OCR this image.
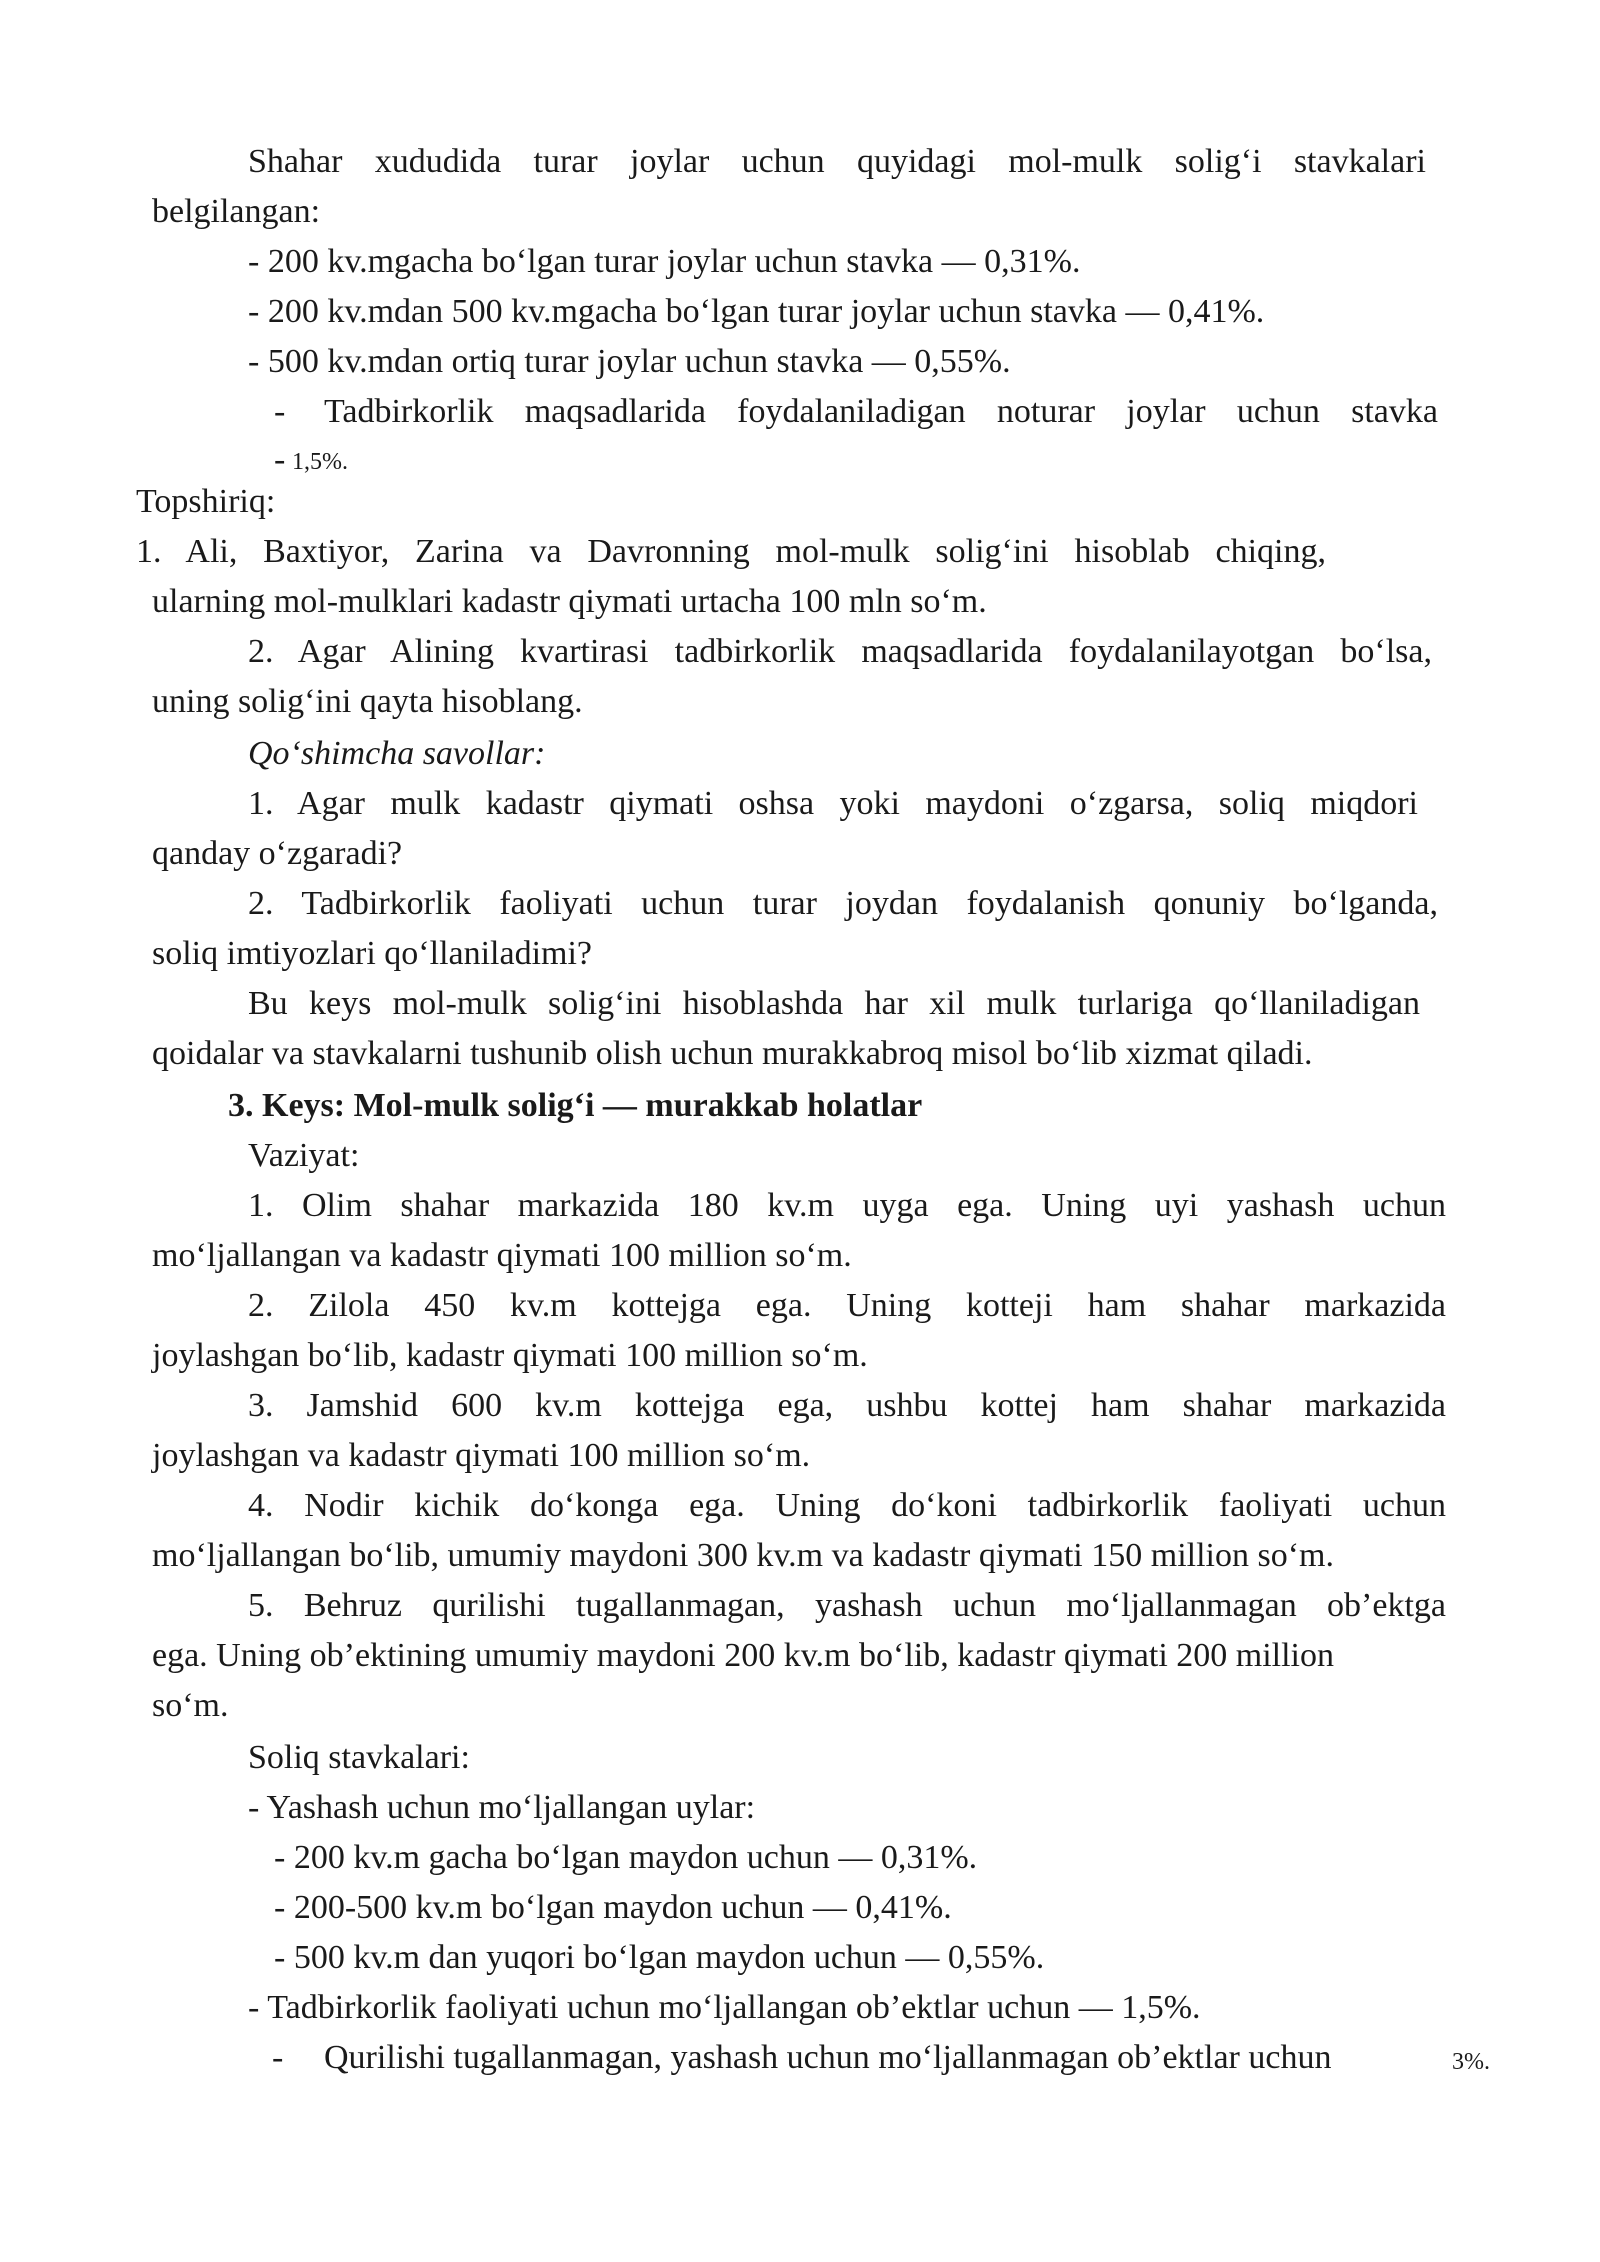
Shahar xududida turar joylar uchun quyidagi mol-mulk solig‘i stavkalari
belgilangan:
- 200 kv.mgacha bo‘lgan turar joylar uchun stavka — 0,31%.
- 200 kv.mdan 500 kv.mgacha bo‘lgan turar joylar uchun stavka — 0,41%.
- 500 kv.mdan ortiq turar joylar uchun stavka — 0,55%.
- Tadbirkorlik maqsadlarida foydalaniladigan noturar joylar uchun stavka
- 1,5%.
Topshiriq:
1. Ali, Baxtiyor, Zarina va Davronning mol-mulk solig‘ini hisoblab chiqing,
ularning mol-mulklari kadastr qiymati urtacha 100 mln so‘m.
2. Agar Alining kvartirasi tadbirkorlik maqsadlarida foydalanilayotgan bo‘lsa,
uning solig‘ini qayta hisoblang.
Qo‘shimcha savollar:
1. Agar mulk kadastr qiymati oshsa yoki maydoni o‘zgarsa, soliq miqdori
qanday o‘zgaradi?
2. Tadbirkorlik faoliyati uchun turar joydan foydalanish qonuniy bo‘lganda,
soliq imtiyozlari qo‘llaniladimi?
Bu keys mol-mulk solig‘ini hisoblashda har xil mulk turlariga qo‘llaniladigan
qoidalar va stavkalarni tushunib olish uchun murakkabroq misol bo‘lib xizmat qiladi.
3. Keys: Mol-mulk solig‘i — murakkab holatlar
Vaziyat:
1. Olim shahar markazida 180 kv.m uyga ega. Uning uyi yashash uchun
mo‘ljallangan va kadastr qiymati 100 million so‘m.
2. Zilola 450 kv.m kottejga ega. Uning kotteji ham shahar markazida
joylashgan bo‘lib, kadastr qiymati 100 million so‘m.
3. Jamshid 600 kv.m kottejga ega, ushbu kottej ham shahar markazida
joylashgan va kadastr qiymati 100 million so‘m.
4. Nodir kichik do‘konga ega. Uning do‘koni tadbirkorlik faoliyati uchun
mo‘ljallangan bo‘lib, umumiy maydoni 300 kv.m va kadastr qiymati 150 million so‘m.
5. Behruz qurilishi tugallanmagan, yashash uchun mo‘ljallanmagan ob’ektga
ega. Uning ob’ektining umumiy maydoni 200 kv.m bo‘lib, kadastr qiymati 200 million
so‘m.
Soliq stavkalari:
- Yashash uchun mo‘ljallangan uylar:
- 200 kv.m gacha bo‘lgan maydon uchun — 0,31%.
- 200-500 kv.m bo‘lgan maydon uchun — 0,41%.
- 500 kv.m dan yuqori bo‘lgan maydon uchun — 0,55%.
- Tadbirkorlik faoliyati uchun mo‘ljallangan ob’ektlar uchun — 1,5%.
- Qurilishi tugallanmagan, yashash uchun mo‘ljallanmagan ob’ektlar uchun	3%.
